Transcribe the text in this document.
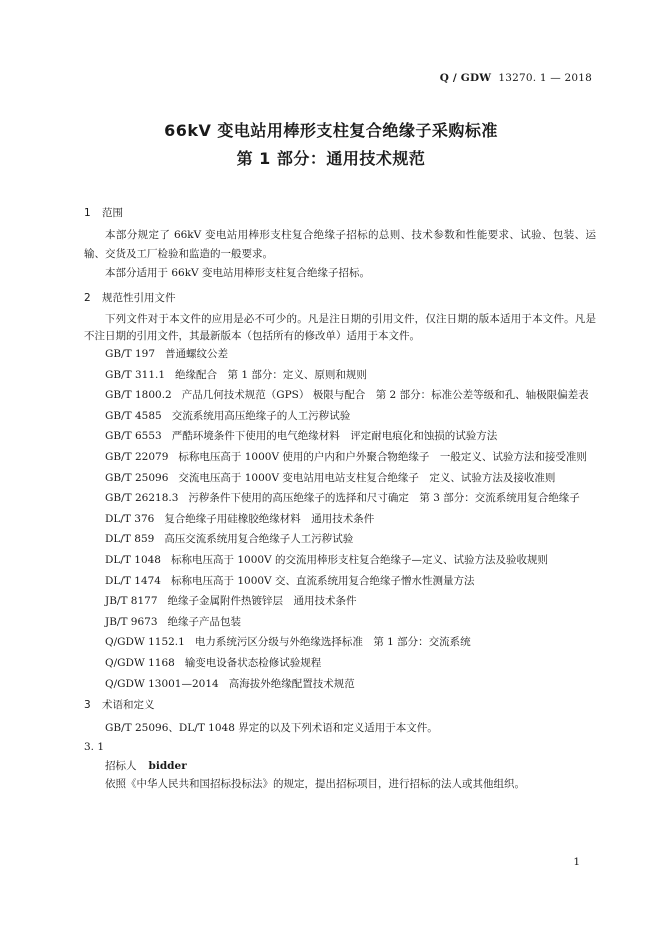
Q / GDW 13270. 1 — 2018
66kV 变电站用棒形支柱复合绝缘子采购标准
第 1 部分：通用技术规范
1 范围

本部分规定了 66kV 变电站用棒形支柱复合绝缘子招标的总则、技术参数和性能要求、试验、包装、运输、交货及工厂检验和监造的一般要求。

本部分适用于 66kV 变电站用棒形支柱复合绝缘子招标。

2 规范性引用文件

下列文件对于本文件的应用是必不可少的。凡是注日期的引用文件，仅注日期的版本适用于本文件。凡是不注日期的引用文件，其最新版本（包括所有的修改单）适用于本文件。

GB/T 197 普通螺纹公差
GB/T 311.1 绝缘配合　第 1 部分：定义、原则和规则
GB/T 1800.2 产品几何技术规范（GPS） 极限与配合　第 2 部分：标准公差等级和孔、轴极限偏差表
GB/T 4585 交流系统用高压绝缘子的人工污秽试验
GB/T 6553 严酷环境条件下使用的电气绝缘材料　评定耐电痕化和蚀损的试验方法
GB/T 22079 标称电压高于 1000V 使用的户内和户外聚合物绝缘子　一般定义、试验方法和接受准则
GB/T 25096 交流电压高于 1000V 变电站用电站支柱复合绝缘子　定义、试验方法及接收准则
GB/T 26218.3 污秽条件下使用的高压绝缘子的选择和尺寸确定　第 3 部分：交流系统用复合绝缘子
DL/T 376 复合绝缘子用硅橡胶绝缘材料　通用技术条件
DL/T 859 高压交流系统用复合绝缘子人工污秽试验
DL/T 1048 标称电压高于 1000V 的交流用棒形支柱复合绝缘子—定义、试验方法及验收规则
DL/T 1474 标称电压高于 1000V 交、直流系统用复合绝缘子憎水性测量方法
JB/T 8177 绝缘子金属附件热镀锌层　通用技术条件
JB/T 9673 绝缘子产品包装
Q/GDW 1152.1 电力系统污区分级与外绝缘选择标准　第 1 部分：交流系统
Q/GDW 1168 输变电设备状态检修试验规程
Q/GDW 13001—2014 高海拔外绝缘配置技术规范
3 术语和定义
GB/T 25096、DL/T 1048 界定的以及下列术语和定义适用于本文件。
3. 1
招标人 bidder
依照《中华人民共和国招标投标法》的规定，提出招标项目，进行招标的法人或其他组织。
1
